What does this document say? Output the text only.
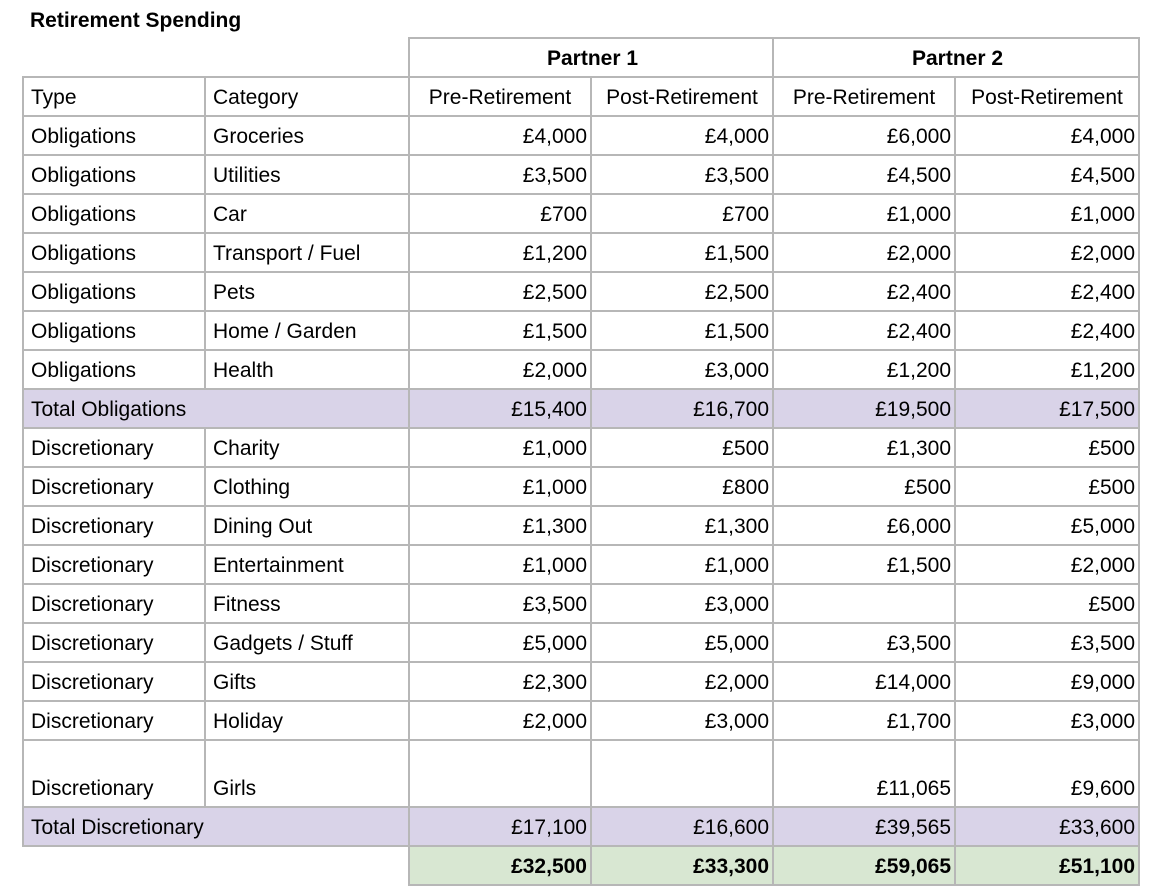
Retirement Spending
		Partner 1		Partner 2	
Type	Category	Pre-Retirement	Post-Retirement	Pre-Retirement	Post-Retirement
Obligations	Groceries	£4,000	£4,000	£6,000	£4,000
Obligations	Utilities	£3,500	£3,500	£4,500	£4,500
Obligations	Car	£700	£700	£1,000	£1,000
Obligations	Transport / Fuel	£1,200	£1,500	£2,000	£2,000
Obligations	Pets	£2,500	£2,500	£2,400	£2,400
Obligations	Home / Garden	£1,500	£1,500	£2,400	£2,400
Obligations	Health	£2,000	£3,000	£1,200	£1,200
Total Obligations		£15,400	£16,700	£19,500	£17,500
Discretionary	Charity	£1,000	£500	£1,300	£500
Discretionary	Clothing	£1,000	£800	£500	£500
Discretionary	Dining Out	£1,300	£1,300	£6,000	£5,000
Discretionary	Entertainment	£1,000	£1,000	£1,500	£2,000
Discretionary	Fitness	£3,500	£3,000		£500
Discretionary	Gadgets / Stuff	£5,000	£5,000	£3,500	£3,500
Discretionary	Gifts	£2,300	£2,000	£14,000	£9,000
Discretionary	Holiday	£2,000	£3,000	£1,700	£3,000
Discretionary	Girls			£11,065	£9,600
Total Discretionary		£17,100	£16,600	£39,565	£33,600
		£32,500	£33,300	£59,065	£51,100
